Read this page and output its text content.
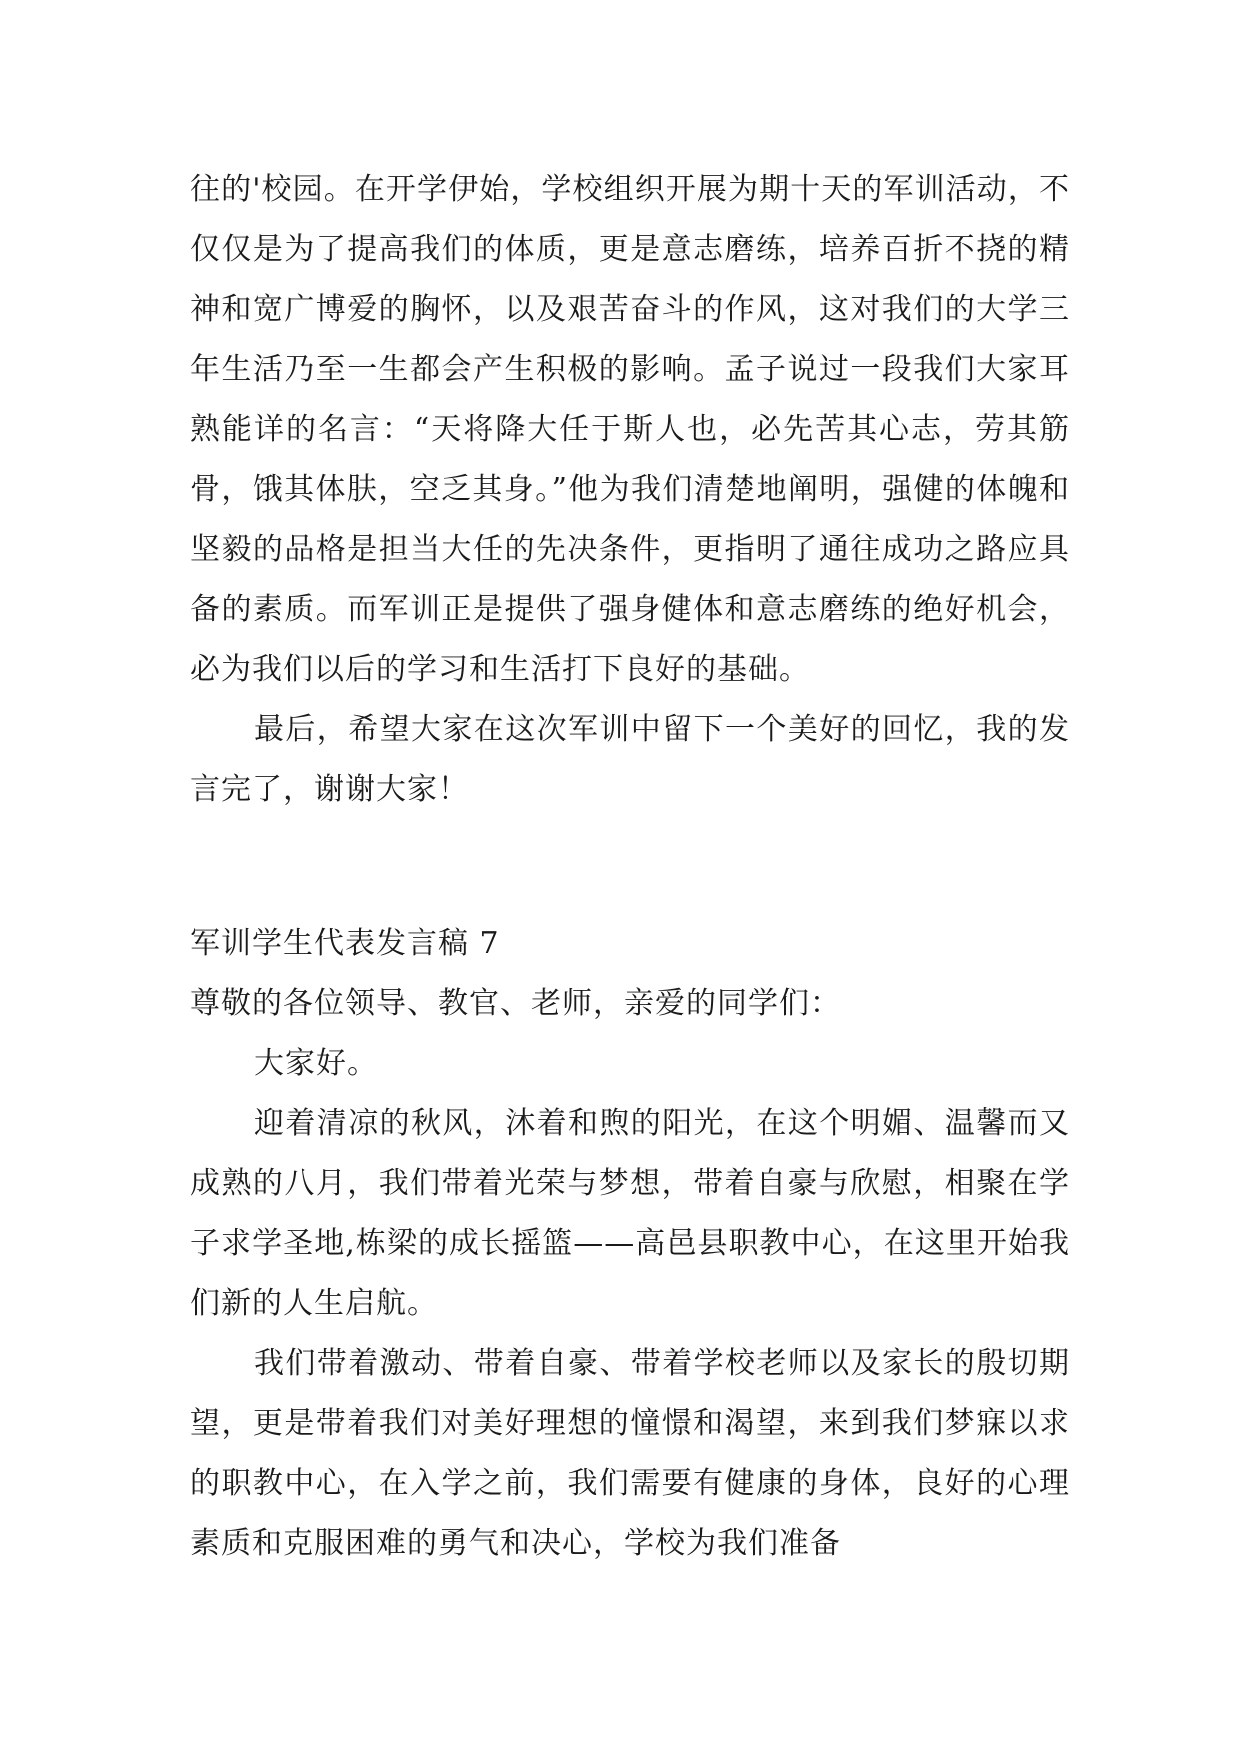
往的'校园。在开学伊始，学校组织开展为期十天的军训活动，不仅仅是为了提高我们的体质，更是意志磨练，培养百折不挠的精神和宽广博爱的胸怀，以及艰苦奋斗的作风，这对我们的大学三年生活乃至一生都会产生积极的影响。孟子说过一段我们大家耳熟能详的名言：“天将降大任于斯人也，必先苦其心志，劳其筋骨，饿其体肤，空乏其身。”他为我们清楚地阐明，强健的体魄和坚毅的品格是担当大任的先决条件，更指明了通往成功之路应具备的素质。而军训正是提供了强身健体和意志磨练的绝好机会，必为我们以后的学习和生活打下良好的基础。

最后，希望大家在这次军训中留下一个美好的回忆，我的发言完了，谢谢大家！

军训学生代表发言稿 7

尊敬的各位领导、教官、老师，亲爱的同学们：

大家好。

迎着清凉的秋风，沐着和煦的阳光，在这个明媚、温馨而又成熟的八月，我们带着光荣与梦想，带着自豪与欣慰，相聚在学子求学圣地,栋梁的成长摇篮——高邑县职教中心，在这里开始我们新的人生启航。

我们带着激动、带着自豪、带着学校老师以及家长的殷切期望，更是带着我们对美好理想的憧憬和渴望，来到我们梦寐以求的职教中心，在入学之前，我们需要有健康的身体，良好的心理素质和克服困难的勇气和决心，学校为我们准备
